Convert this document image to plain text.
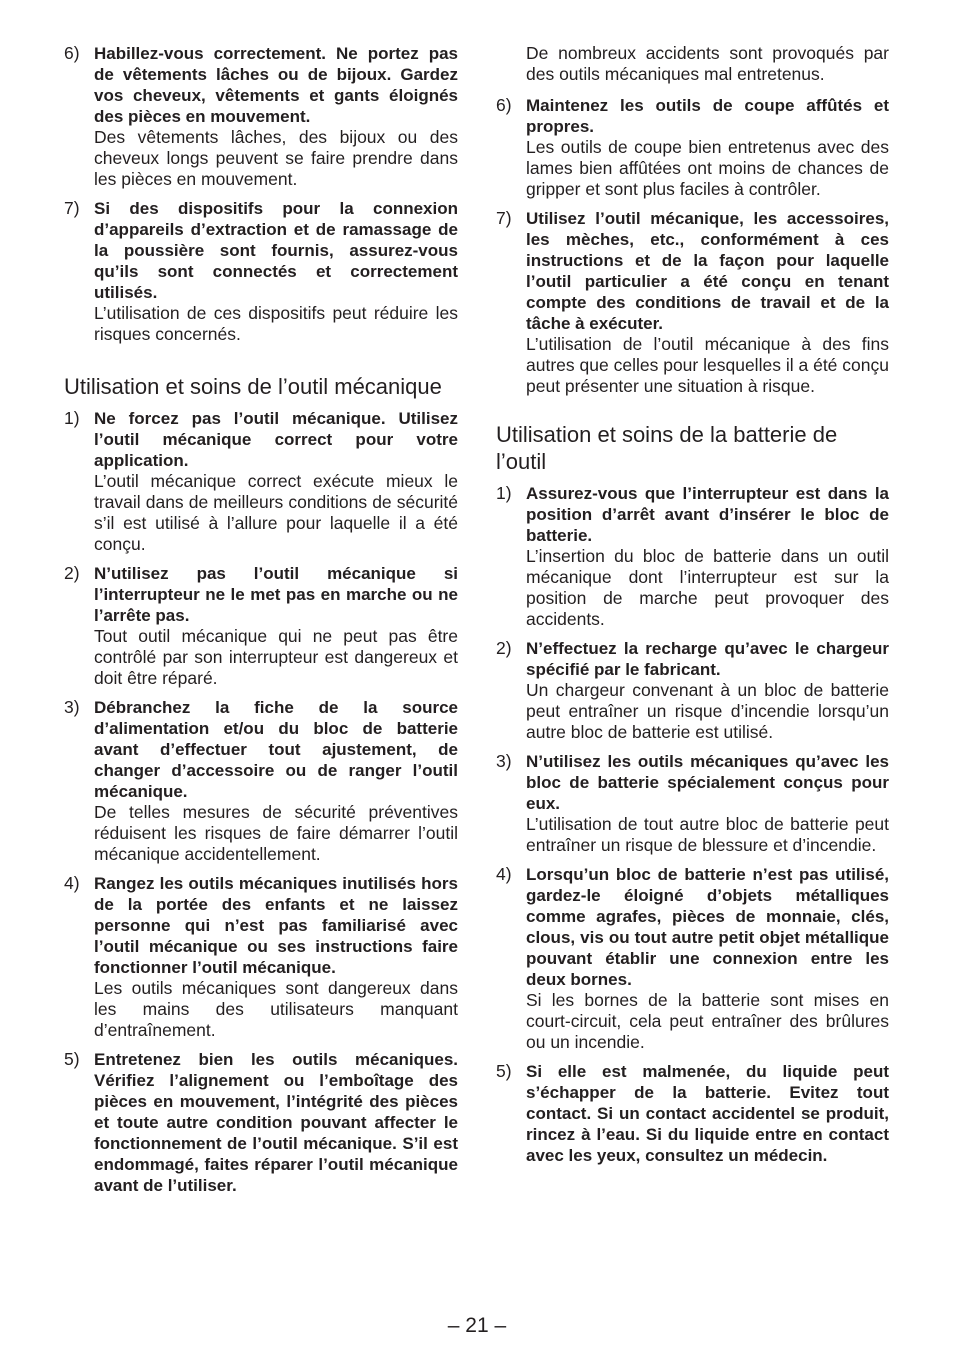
6) Habillez-vous correctement. Ne portez pas de vêtements lâches ou de bijoux. Gardez vos cheveux, vêtements et gants éloignés des pièces en mouvement.

Des vêtements lâches, des bijoux ou des cheveux longs peuvent se faire prendre dans les pièces en mouvement.

7) Si des dispositifs pour la connexion d’appareils d’extraction et de ramassage de la poussière sont fournis, assurez-vous qu’ils sont connectés et correctement utilisés.

L’utilisation de ces dispositifs peut réduire les risques concernés.

Utilisation et soins de l’outil mécanique
1) Ne forcez pas l’outil mécanique. Utilisez l’outil mécanique correct pour votre application.

L’outil mécanique correct exécute mieux le travail dans de meilleurs conditions de sécurité s’il est utilisé à l’allure pour laquelle il a été conçu.

2) N’utilisez pas l’outil mécanique si l’interrupteur ne le met pas en marche ou ne l’arrête pas.

Tout outil mécanique qui ne peut pas être contrôlé par son interrupteur est dangereux et doit être réparé.

3) Débranchez la fiche de la source d’alimentation et/ou du bloc de batterie avant d’effectuer tout ajustement, de changer d’accessoire ou de ranger l’outil mécanique.

De telles mesures de sécurité préventives réduisent les risques de faire démarrer l’outil mécanique accidentellement.

4) Rangez les outils mécaniques inutilisés hors de la portée des enfants et ne laissez personne qui n’est pas familiarisé avec l’outil mécanique ou ses instructions faire fonctionner l’outil mécanique.

Les outils mécaniques sont dangereux dans les mains des utilisateurs manquant d’entraînement.

5) Entretenez bien les outils mécaniques. Vérifiez l’alignement ou l’emboîtage des pièces en mouvement, l’intégrité des pièces et toute autre condition pouvant affecter le fonctionnement de l’outil mécanique. S’il est endommagé, faites réparer l’outil mécanique avant de l’utiliser.

De nombreux accidents sont provoqués par des outils mécaniques mal entretenus.

6) Maintenez les outils de coupe affûtés et propres.

Les outils de coupe bien entretenus avec des lames bien affûtées ont moins de chances de gripper et sont plus faciles à contrôler.

7) Utilisez l’outil mécanique, les accessoires, les mèches, etc., conformément à ces instructions et de la façon pour laquelle l’outil particulier a été conçu en tenant compte des conditions de travail et de la tâche à exécuter.

L’utilisation de l’outil mécanique à des fins autres que celles pour lesquelles il a été conçu peut présenter une situation à risque.

Utilisation et soins de la batterie de l’outil
1) Assurez-vous que l’interrupteur est dans la position d’arrêt avant d’insérer le bloc de batterie.

L’insertion du bloc de batterie dans un outil mécanique dont l’interrupteur est sur la position de marche peut provoquer des accidents.

2) N’effectuez la recharge qu’avec le chargeur spécifié par le fabricant.

Un chargeur convenant à un bloc de batterie peut entraîner un risque d’incendie lorsqu’un autre bloc de batterie est utilisé.

3) N’utilisez les outils mécaniques qu’avec les bloc de batterie spécialement conçus pour eux.

L’utilisation de tout autre bloc de batterie peut entraîner un risque de blessure et d’incendie.

4) Lorsqu’un bloc de batterie n’est pas utilisé, gardez-le éloigné d’objets métalliques comme agrafes, pièces de monnaie, clés, clous, vis ou tout autre petit objet métallique pouvant établir une connexion entre les deux bornes.

Si les bornes de la batterie sont mises en court-circuit, cela peut entraîner des brûlures ou un incendie.

5) Si elle est malmenée, du liquide peut s’échapper de la batterie. Evitez tout contact. Si un contact accidentel se produit, rincez à l’eau. Si du liquide entre en contact avec les yeux, consultez un médecin.

– 21 –
